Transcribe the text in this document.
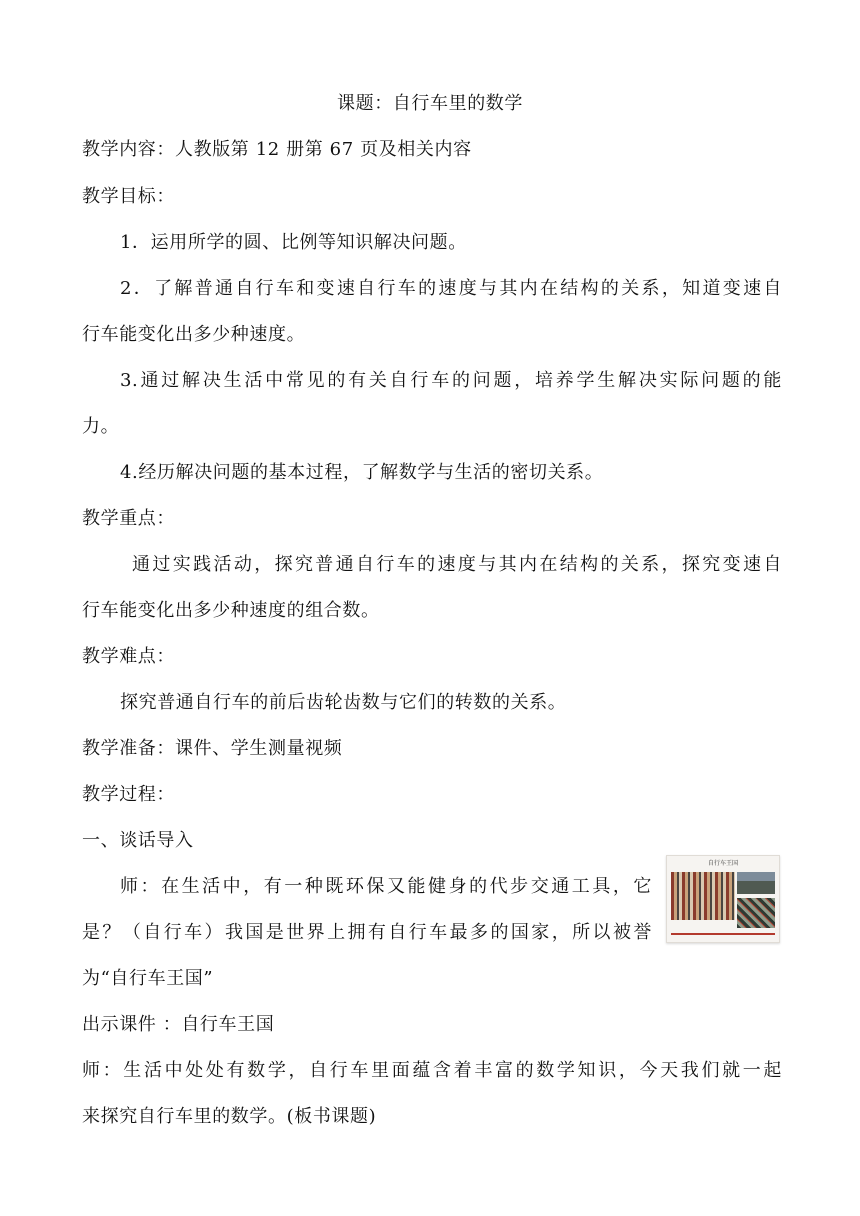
课题：自行车里的数学
教学内容：人教版第 12 册第 67 页及相关内容
教学目标：
1．运用所学的圆、比例等知识解决问题。
2．了解普通自行车和变速自行车的速度与其内在结构的关系，知道变速自
行车能变化出多少种速度。
3.通过解决生活中常见的有关自行车的问题，培养学生解决实际问题的能
力。
4.经历解决问题的基本过程，了解数学与生活的密切关系。
教学重点：
通过实践活动，探究普通自行车的速度与其内在结构的关系，探究变速自
行车能变化出多少种速度的组合数。
教学难点：
探究普通自行车的前后齿轮齿数与它们的转数的关系。
教学准备：课件、学生测量视频
教学过程：
一、谈话导入
师：在生活中，有一种既环保又能健身的代步交通工具，它
是？（自行车）我国是世界上拥有自行车最多的国家，所以被誉
为“自行车王国”
自行车王国
出示课件 ：自行车王国
师：生活中处处有数学，自行车里面蕴含着丰富的数学知识，今天我们就一起
来探究自行车里的数学。(板书课题)
